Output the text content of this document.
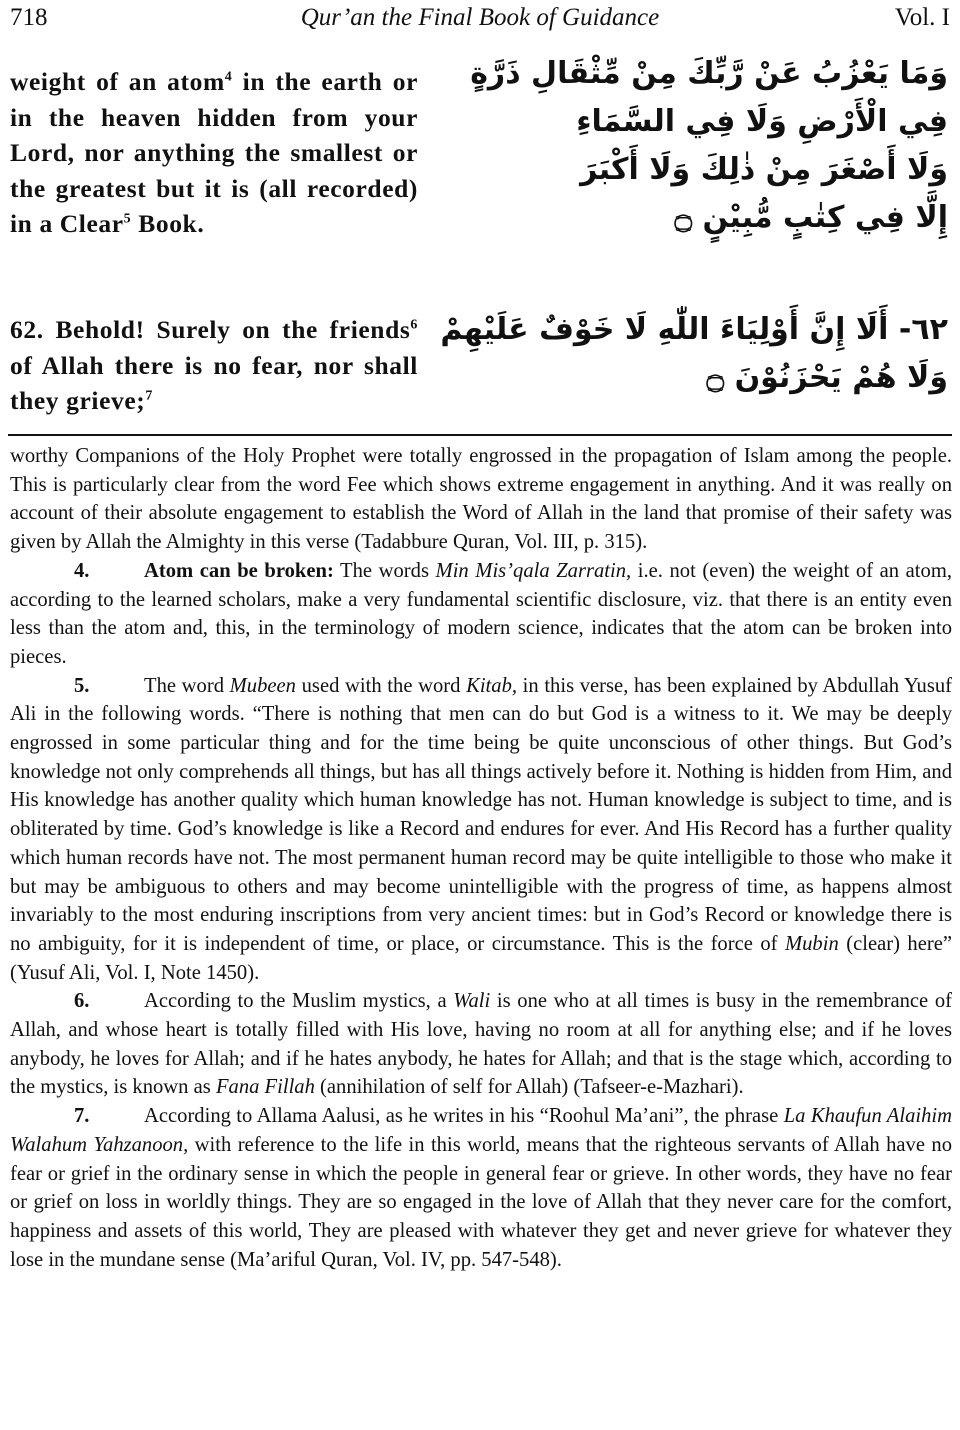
718	Qur’an the Final Book of Guidance	Vol. I
weight of an atom$^4$ in the earth or in the heaven hidden from your Lord, nor anything the smallest or the greatest but it is (all recorded) in a Clear$^5$ Book.
وَمَا يَعْزُبُ عَنْ رَّبِّكَ مِنْ مِّثْقَالِ ذَرَّةٍ
فِي الْأَرْضِ وَلَا فِي السَّمَاءِ
وَلَا أَصْغَرَ مِنْ ذٰلِكَ وَلَا أَكْبَرَ
إِلَّا فِي كِتٰبٍ مُّبِيْنٍ ۝
62. Behold! Surely on the friends$^6$ of Allah there is no fear, nor shall they grieve;$^7$
٦٢- أَلَا إِنَّ أَوْلِيَاءَ اللّٰهِ لَا خَوْفٌ عَلَيْهِمْ
وَلَا هُمْ يَحْزَنُوْنَ ۝

worthy Companions of the Holy Prophet were totally engrossed in the propagation of Islam among the people. This is particularly clear from the word Fee which shows extreme engagement in anything. And it was really on account of their absolute engagement to establish the Word of Allah in the land that promise of their safety was given by Allah the Almighty in this verse (Tadabbure Quran, Vol. III, p. 315).

4.	Atom can be broken: The words Min Mis’qala Zarratin, i.e. not (even) the weight of an atom, according to the learned scholars, make a very fundamental scientific disclosure, viz. that there is an entity even less than the atom and, this, in the terminology of modern science, indicates that the atom can be broken into pieces.

5.	The word Mubeen used with the word Kitab, in this verse, has been explained by Abdullah Yusuf Ali in the following words. “There is nothing that men can do but God is a witness to it. We may be deeply engrossed in some particular thing and for the time being be quite unconscious of other things. But God’s knowledge not only comprehends all things, but has all things actively before it. Nothing is hidden from Him, and His knowledge has another quality which human knowledge has not. Human knowledge is subject to time, and is obliterated by time. God’s knowledge is like a Record and endures for ever. And His Record has a further quality which human records have not. The most permanent human record may be quite intelligible to those who make it but may be ambiguous to others and may become unintelligible with the progress of time, as happens almost invariably to the most enduring inscriptions from very ancient times: but in God’s Record or knowledge there is no ambiguity, for it is independent of time, or place, or circumstance. This is the force of Mubin (clear) here” (Yusuf Ali, Vol. I, Note 1450).

6.	According to the Muslim mystics, a Wali is one who at all times is busy in the remembrance of Allah, and whose heart is totally filled with His love, having no room at all for anything else; and if he loves anybody, he loves for Allah; and if he hates anybody, he hates for Allah; and that is the stage which, according to the mystics, is known as Fana Fillah (annihilation of self for Allah) (Tafseer-e-Mazhari).

7.	According to Allama Aalusi, as he writes in his “Roohul Ma’ani”, the phrase La Khaufun Alaihim Walahum Yahzanoon, with reference to the life in this world, means that the righteous servants of Allah have no fear or grief in the ordinary sense in which the people in general fear or grieve. In other words, they have no fear or grief on loss in worldly things. They are so engaged in the love of Allah that they never care for the comfort, happiness and assets of this world, They are pleased with whatever they get and never grieve for whatever they lose in the mundane sense (Ma’ariful Quran, Vol. IV, pp. 547-548).
